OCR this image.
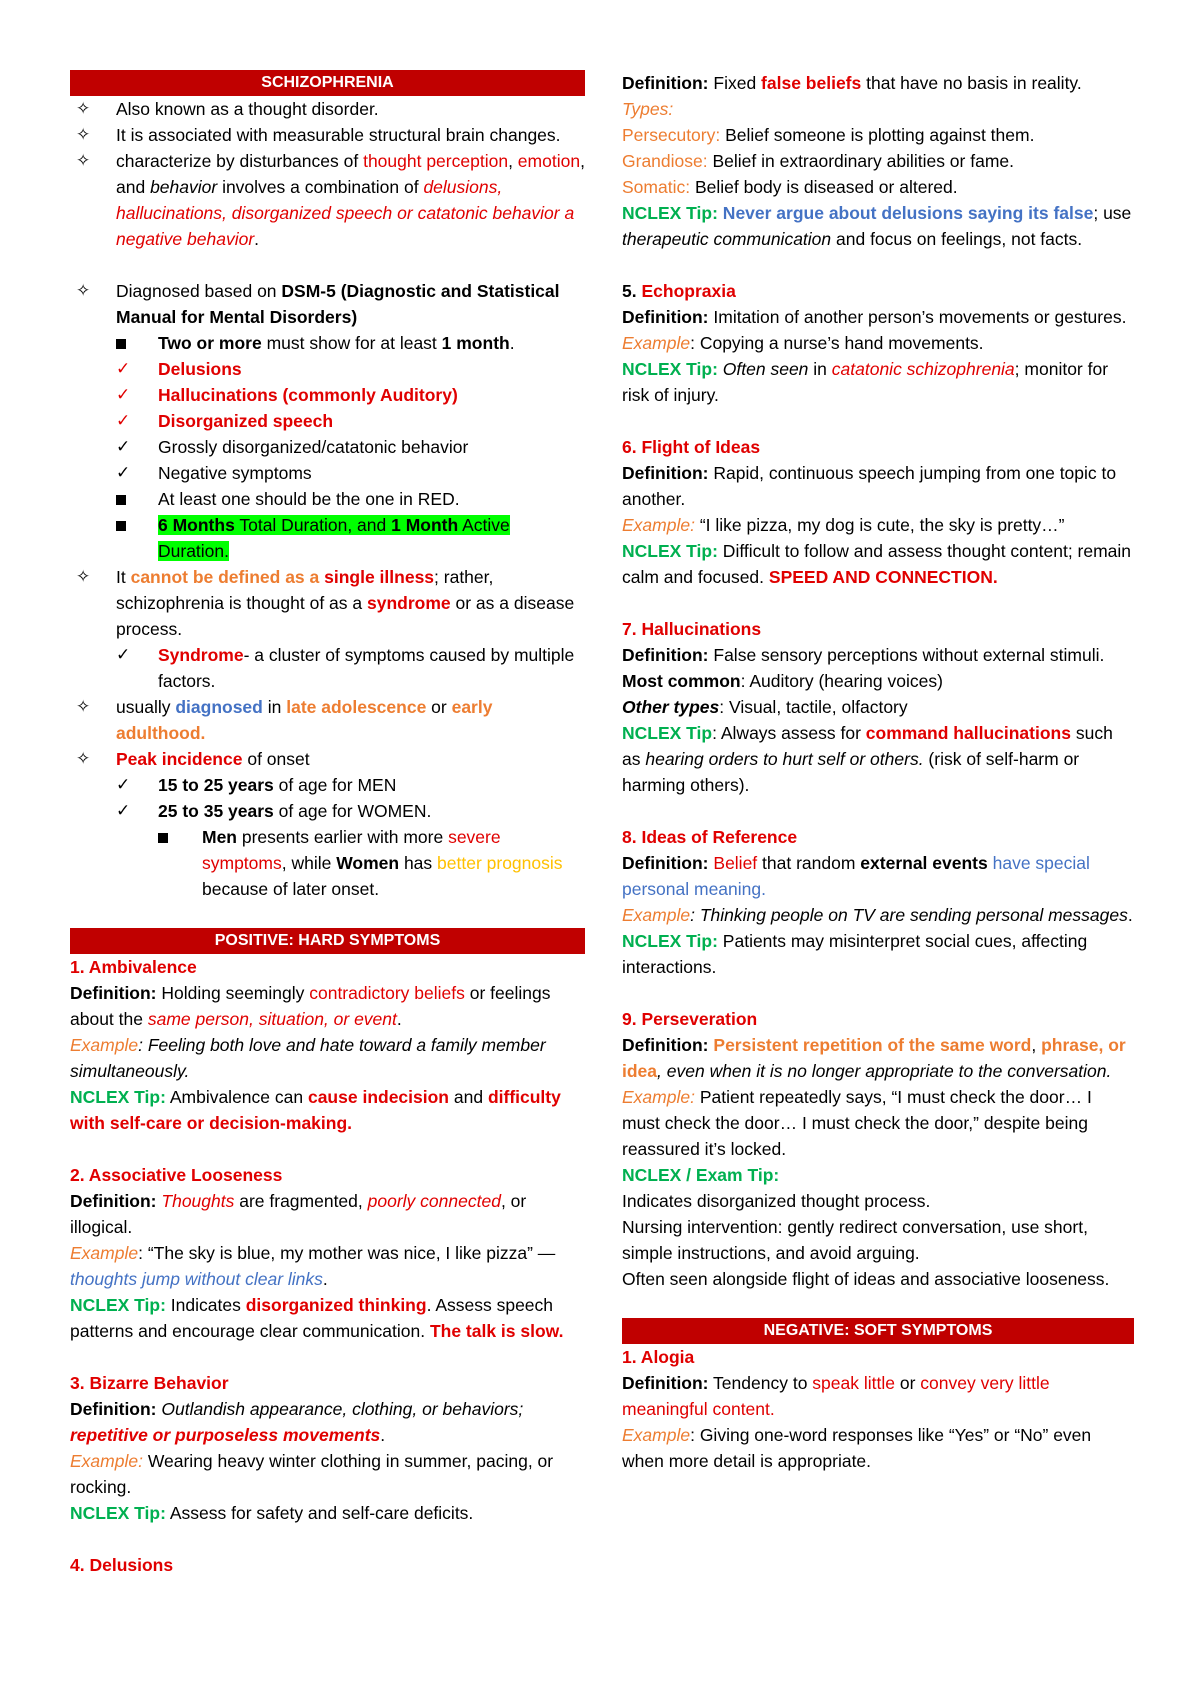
SCHIZOPHRENIA

✧	Also known as a thought disorder.

✧	It is associated with measurable structural brain changes.

✧	characterize by disturbances of thought perception, emotion, and behavior involves a combination of delusions, hallucinations, disorganized speech or catatonic behavior a negative behavior.

✧	Diagnosed based on DSM-5 (Diagnostic and Statistical Manual for Mental Disorders)

Two or more must show for at least 1 month.

✓	Delusions

✓	Hallucinations (commonly Auditory)

✓	Disorganized speech

✓	Grossly disorganized/catatonic behavior

✓	Negative symptoms

At least one should be the one in RED.

6 Months Total Duration, and 1 Month Active Duration.

✧	It cannot be defined as a single illness; rather, schizophrenia is thought of as a syndrome or as a disease process.

✓	Syndrome- a cluster of symptoms caused by multiple factors.

✧	usually diagnosed in late adolescence or early adulthood.

✧	Peak incidence of onset

✓	15 to 25 years of age for MEN

✓	25 to 35 years of age for WOMEN.

Men presents earlier with more severe symptoms, while Women has better prognosis because of later onset.

POSITIVE: HARD SYMPTOMS

1. Ambivalence

Definition: Holding seemingly contradictory beliefs or feelings about the same person, situation, or event.

Example: Feeling both love and hate toward a family member simultaneously.

NCLEX Tip: Ambivalence can cause indecision and difficulty with self-care or decision-making.

2. Associative Looseness

Definition: Thoughts are fragmented, poorly connected, or illogical.

Example: “The sky is blue, my mother was nice, I like pizza” — thoughts jump without clear links.

NCLEX Tip: Indicates disorganized thinking. Assess speech patterns and encourage clear communication. The talk is slow.

3. Bizarre Behavior

Definition: Outlandish appearance, clothing, or behaviors; repetitive or purposeless movements.

Example: Wearing heavy winter clothing in summer, pacing, or rocking.

NCLEX Tip: Assess for safety and self-care deficits.

4. Delusions

Definition: Fixed false beliefs that have no basis in reality.

Types:

Persecutory: Belief someone is plotting against them.

Grandiose: Belief in extraordinary abilities or fame.

Somatic: Belief body is diseased or altered.

NCLEX Tip: Never argue about delusions saying its false; use therapeutic communication and focus on feelings, not facts.

5. Echopraxia

Definition: Imitation of another person’s movements or gestures.

Example: Copying a nurse’s hand movements.

NCLEX Tip: Often seen in catatonic schizophrenia; monitor for risk of injury.

6. Flight of Ideas

Definition: Rapid, continuous speech jumping from one topic to another.

Example: “I like pizza, my dog is cute, the sky is pretty…”

NCLEX Tip: Difficult to follow and assess thought content; remain calm and focused. SPEED AND CONNECTION.

7. Hallucinations

Definition: False sensory perceptions without external stimuli.

Most common: Auditory (hearing voices)

Other types: Visual, tactile, olfactory

NCLEX Tip: Always assess for command hallucinations such as hearing orders to hurt self or others. (risk of self-harm or harming others).

8. Ideas of Reference

Definition: Belief that random external events have special personal meaning.

Example: Thinking people on TV are sending personal messages.

NCLEX Tip: Patients may misinterpret social cues, affecting interactions.

9. Perseveration

Definition: Persistent repetition of the same word, phrase, or idea, even when it is no longer appropriate to the conversation.

Example: Patient repeatedly says, “I must check the door… I must check the door… I must check the door,” despite being reassured it’s locked.

NCLEX / Exam Tip:

Indicates disorganized thought process.

Nursing intervention: gently redirect conversation, use short, simple instructions, and avoid arguing.

Often seen alongside flight of ideas and associative looseness.

NEGATIVE: SOFT SYMPTOMS

1. Alogia

Definition: Tendency to speak little or convey very little meaningful content.

Example: Giving one-word responses like “Yes” or “No” even when more detail is appropriate.
